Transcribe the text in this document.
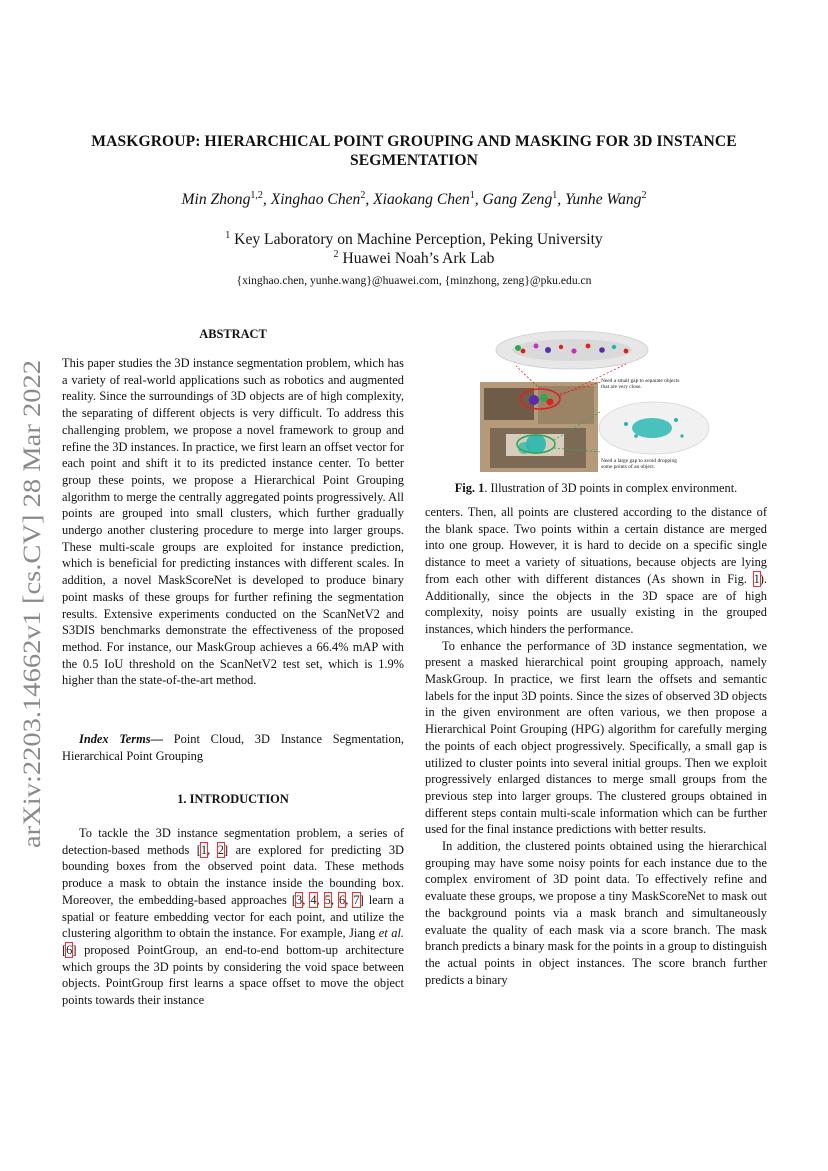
arXiv:2203.14662v1 [cs.CV] 28 Mar 2022
MASKGROUP: HIERARCHICAL POINT GROUPING AND MASKING FOR 3D INSTANCE
SEGMENTATION
Min Zhong$^{1,2}$, Xinghao Chen$^2$, Xiaokang Chen$^1$, Gang Zeng$^1$, Yunhe Wang$^2$
$^1$ Key Laboratory on Machine Perception, Peking University
$^2$ Huawei Noah’s Ark Lab
{xinghao.chen, yunhe.wang}@huawei.com, {minzhong, zeng}@pku.edu.cn
ABSTRACT

This paper studies the 3D instance segmentation problem, which has a variety of real-world applications such as robotics and augmented reality. Since the surroundings of 3D objects are of high complexity, the separating of different objects is very difficult. To address this challenging problem, we propose a novel framework to group and refine the 3D instances. In practice, we first learn an offset vector for each point and shift it to its predicted instance center. To better group these points, we propose a Hierarchical Point Grouping algorithm to merge the centrally aggregated points progressively. All points are grouped into small clusters, which further gradually undergo another clustering procedure to merge into larger groups. These multi-scale groups are exploited for instance prediction, which is beneficial for predicting instances with different scales. In addition, a novel MaskScoreNet is developed to produce binary point masks of these groups for further refining the segmentation results. Extensive experiments conducted on the ScanNetV2 and S3DIS benchmarks demonstrate the effectiveness of the proposed method. For instance, our MaskGroup achieves a 66.4% mAP with the 0.5 IoU threshold on the ScanNetV2 test set, which is 1.9% higher than the state-of-the-art method.

Index Terms— Point Cloud, 3D Instance Segmentation, Hierarchical Point Grouping

1. INTRODUCTION

To tackle the 3D instance segmentation problem, a series of detection-based methods [1, 2] are explored for predicting 3D bounding boxes from the observed point data. These methods produce a mask to obtain the instance inside the bounding box. Moreover, the embedding-based approaches [3, 4, 5, 6, 7] learn a spatial or feature embedding vector for each point, and utilize the clustering algorithm to obtain the instance. For example, Jiang et al. [6] proposed PointGroup, an end-to-end bottom-up architecture which groups the 3D points by considering the void space between objects. PointGroup first learns a space offset to move the object points towards their instance

Need a small gap to separate objects
that are very close.
Need a large gap to avoid dropping
some points of an object.
Fig. 1. Illustration of 3D points in complex environment.

centers. Then, all points are clustered according to the distance of the blank space. Two points within a certain distance are merged into one group. However, it is hard to decide on a specific single distance to meet a variety of situations, because objects are lying from each other with different distances (As shown in Fig. 1). Additionally, since the objects in the 3D space are of high complexity, noisy points are usually existing in the grouped instances, which hinders the performance.

To enhance the performance of 3D instance segmentation, we present a masked hierarchical point grouping approach, namely MaskGroup. In practice, we first learn the offsets and semantic labels for the input 3D points. Since the sizes of observed 3D objects in the given environment are often various, we then propose a Hierarchical Point Grouping (HPG) algorithm for carefully merging the points of each object progressively. Specifically, a small gap is utilized to cluster points into several initial groups. Then we exploit progressively enlarged distances to merge small groups from the previous step into larger groups. The clustered groups obtained in different steps contain multi-scale information which can be further used for the final instance predictions with better results.

In addition, the clustered points obtained using the hierarchical grouping may have some noisy points for each instance due to the complex enviroment of 3D point data. To effectively refine and evaluate these groups, we propose a tiny MaskScoreNet to mask out the background points via a mask branch and simultaneously evaluate the quality of each mask via a score branch. The mask branch predicts a binary mask for the points in a group to distinguish the actual points in object instances. The score branch further predicts a binary
